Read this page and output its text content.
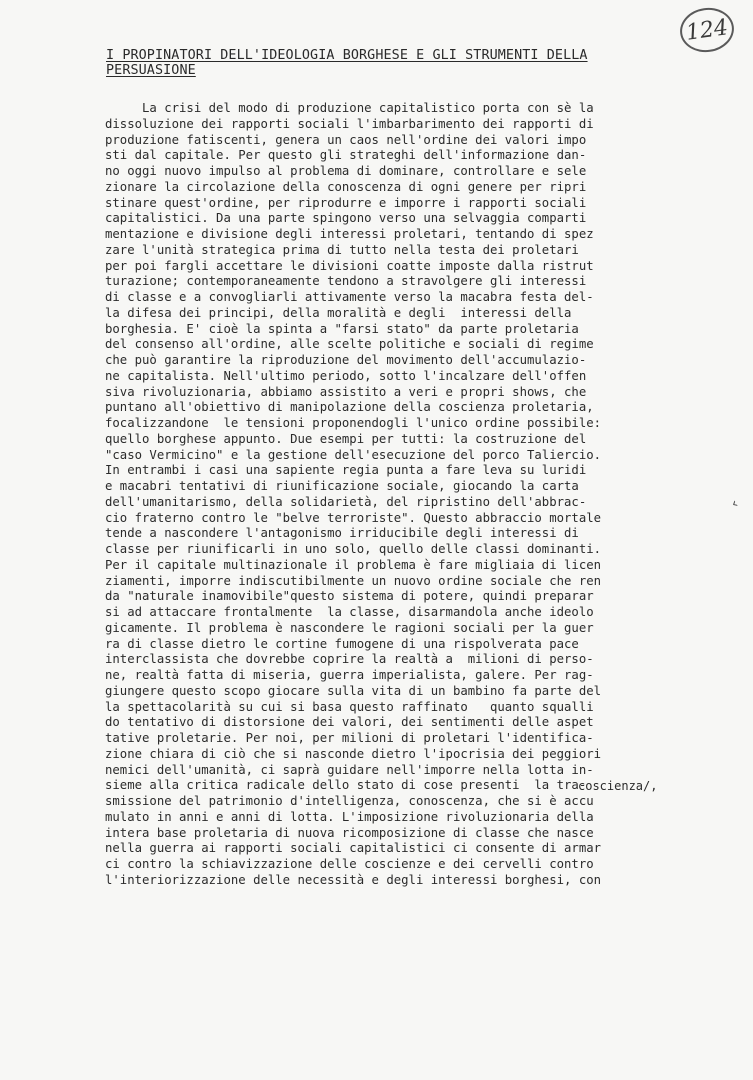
124
I PROPINATORI DELL'IDEOLOGIA BORGHESE E GLI STRUMENTI DELLA
PERSUASIONE
La crisi del modo di produzione capitalistico porta con sè la
dissoluzione dei rapporti sociali l'imbarbarimento dei rapporti di
produzione fatiscenti, genera un caos nell'ordine dei valori impo
sti dal capitale. Per questo gli strateghi dell'informazione dan-
no oggi nuovo impulso al problema di dominare, controllare e sele
zionare la circolazione della conoscenza di ogni genere per ripri
stinare quest'ordine, per riprodurre e imporre i rapporti sociali
capitalistici. Da una parte spingono verso una selvaggia comparti
mentazione e divisione degli interessi proletari, tentando di spez
zare l'unità strategica prima di tutto nella testa dei proletari
per poi fargli accettare le divisioni coatte imposte dalla ristrut
turazione; contemporaneamente tendono a stravolgere gli interessi
di classe e a convogliarli attivamente verso la macabra festa del-
la difesa dei principi, della moralità e degli  interessi della
borghesia. E' cioè la spinta a "farsi stato" da parte proletaria
del consenso all'ordine, alle scelte politiche e sociali di regime
che può garantire la riproduzione del movimento dell'accumulazio-
ne capitalista. Nell'ultimo periodo, sotto l'incalzare dell'offen
siva rivoluzionaria, abbiamo assistito a veri e propri shows, che
puntano all'obiettivo di manipolazione della coscienza proletaria,
focalizzandone  le tensioni proponendogli l'unico ordine possibile:
quello borghese appunto. Due esempi per tutti: la costruzione del
"caso Vermicino" e la gestione dell'esecuzione del porco Taliercio.
In entrambi i casi una sapiente regia punta a fare leva su luridi
e macabri tentativi di riunificazione sociale, giocando la carta
dell'umanitarismo, della solidarietà, del ripristino dell'abbrac-
cio fraterno contro le "belve terroriste". Questo abbraccio mortale
tende a nascondere l'antagonismo irriducibile degli interessi di
classe per riunificarli in uno solo, quello delle classi dominanti.
Per il capitale multinazionale il problema è fare migliaia di licen
ziamenti, imporre indiscutibilmente un nuovo ordine sociale che ren
da "naturale inamovibile"questo sistema di potere, quindi preparar
si ad attaccare frontalmente  la classe, disarmandola anche ideolo
gicamente. Il problema è nascondere le ragioni sociali per la guer
ra di classe dietro le cortine fumogene di una rispolverata pace
interclassista che dovrebbe coprire la realtà a  milioni di perso-
ne, realtà fatta di miseria, guerra imperialista, galere. Per rag-
giungere questo scopo giocare sulla vita di un bambino fa parte del
la spettacolarità su cui si basa questo raffinato   quanto squalli
do tentativo di distorsione dei valori, dei sentimenti delle aspet
tative proletarie. Per noi, per milioni di proletari l'identifica-
zione chiara di ciò che si nasconde dietro l'ipocrisia dei peggiori
nemici dell'umanità, ci saprà guidare nell'imporre nella lotta in-
sieme alla critica radicale dello stato di cose presenti  la tra-
smissione del patrimonio d'intelligenza, conoscenza, che si è accu
mulato in anni e anni di lotta. L'imposizione rivoluzionaria della
intera base proletaria di nuova ricomposizione di classe che nasce
nella guerra ai rapporti sociali capitalistici ci consente di armar
ci contro la schiavizzazione delle coscienze e dei cervelli contro
l'interiorizzazione delle necessità e degli interessi borghesi, con
coscienza/,
‹
